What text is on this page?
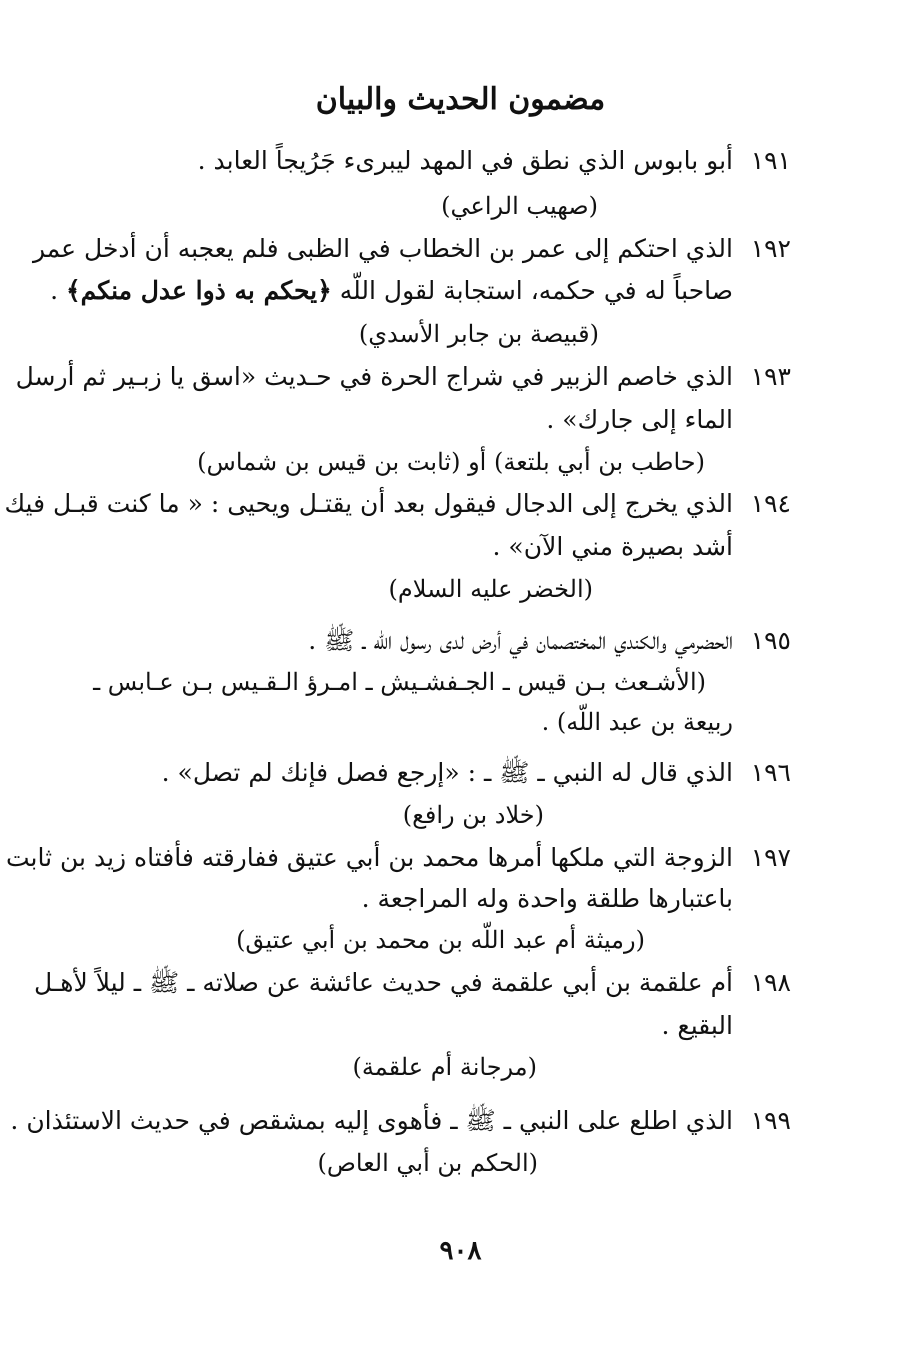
مضمون الحديث والبيان
١٩١
أبو بابوس الذي نطق في المهد ليبرىء جَرُيجاً العابد .
(صهيب الراعي)
١٩٢
الذي احتكم إلى عمر بن الخطاب في الظبى فلم يعجبه أن أدخل عمر
صاحباً له في حكمه، استجابة لقول اللّه ﴿يحكم به ذوا عدل منكم﴾ .
(قبيصة بن جابر الأسدي)
١٩٣
الذي خاصم الزبير في شراج الحرة في حـديث «اسق يا زبـير ثم أرسل
الماء إلى جارك» .
(حاطب بن أبي بلتعة) أو (ثابت بن قيس بن شماس)
١٩٤
الذي يخرج إلى الدجال فيقول بعد أن يقتـل ويحيى : « ما كنت قبـل فيك
أشد بصيرة مني الآن» .
(الخضر عليه السلام)
١٩٥
الحضرمي والكندي المختصمان في أرض لدى رسول اللّه ـ ﷺ .
(الأشـعث بـن قيس ـ الجـفشـيش ـ امـرؤ الـقـيس بـن عـابس ـ
ربيعة بن عبد اللّه) .
١٩٦
الذي قال له النبي ـ ﷺ ـ : «إرجع فصل فإنك لم تصل» .
(خلاد بن رافع)
١٩٧
الزوجة التي ملكها أمرها محمد بن أبي عتيق ففارقته فأفتاه زيد بن ثابت
باعتبارها طلقة واحدة وله المراجعة .
(رميثة أم عبد اللّه بن محمد بن أبي عتيق)
١٩٨
أم علقمة بن أبي علقمة في حديث عائشة عن صلاته ـ ﷺ ـ ليلاً لأهـل
البقيع .
(مرجانة أم علقمة)
١٩٩
الذي اطلع على النبي ـ ﷺ ـ فأهوى إليه بمشقص في حديث الاستئذان .
(الحكم بن أبي العاص)
٩٠٨
